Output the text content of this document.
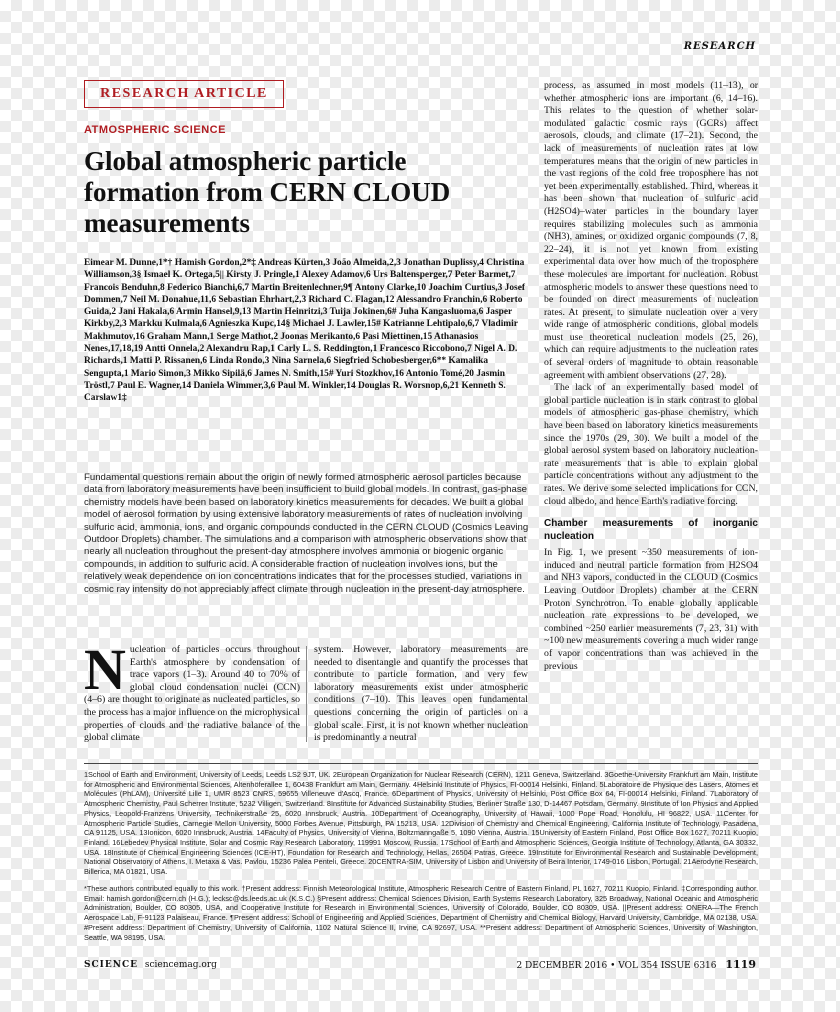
RESEARCH
RESEARCH ARTICLE
ATMOSPHERIC SCIENCE
Global atmospheric particle formation from CERN CLOUD measurements

Eimear M. Dunne,1*† Hamish Gordon,2*‡ Andreas Kürten,3 João Almeida,2,3 Jonathan Duplissy,4 Christina Williamson,3§ Ismael K. Ortega,5|| Kirsty J. Pringle,1 Alexey Adamov,6 Urs Baltensperger,7 Peter Barmet,7 Francois Benduhn,8 Federico Bianchi,6,7 Martin Breitenlechner,9¶ Antony Clarke,10 Joachim Curtius,3 Josef Dommen,7 Neil M. Donahue,11,6 Sebastian Ehrhart,2,3 Richard C. Flagan,12 Alessandro Franchin,6 Roberto Guida,2 Jani Hakala,6 Armin Hansel,9,13 Martin Heinritzi,3 Tuija Jokinen,6# Juha Kangasluoma,6 Jasper Kirkby,2,3 Markku Kulmala,6 Agnieszka Kupc,14§ Michael J. Lawler,15# Katrianne Lehtipalo,6,7 Vladimir Makhmutov,16 Graham Mann,1 Serge Mathot,2 Joonas Merikanto,6 Pasi Miettinen,15 Athanasios Nenes,17,18,19 Antti Onnela,2 Alexandru Rap,1 Carly L. S. Reddington,1 Francesco Riccobono,7 Nigel A. D. Richards,1 Matti P. Rissanen,6 Linda Rondo,3 Nina Sarnela,6 Siegfried Schobesberger,6** Kamalika Sengupta,1 Mario Simon,3 Mikko Sipilä,6 James N. Smith,15# Yuri Stozkhov,16 Antonio Tomé,20 Jasmin Tröstl,7 Paul E. Wagner,14 Daniela Wimmer,3,6 Paul M. Winkler,14 Douglas R. Worsnop,6,21 Kenneth S. Carslaw1‡

Fundamental questions remain about the origin of newly formed atmospheric aerosol particles because data from laboratory measurements have been insufficient to build global models. In contrast, gas-phase chemistry models have been based on laboratory kinetics measurements for decades. We built a global model of aerosol formation by using extensive laboratory measurements of rates of nucleation involving sulfuric acid, ammonia, ions, and organic compounds conducted in the CERN CLOUD (Cosmics Leaving Outdoor Droplets) chamber. The simulations and a comparison with atmospheric observations show that nearly all nucleation throughout the present-day atmosphere involves ammonia or biogenic organic compounds, in addition to sulfuric acid. A considerable fraction of nucleation involves ions, but the relatively weak dependence on ion concentrations indicates that for the processes studied, variations in cosmic ray intensity do not appreciably affect climate through nucleation in the present-day atmosphere.

Nucleation of particles occurs throughout Earth's atmosphere by condensation of trace vapors (1–3). Around 40 to 70% of global cloud condensation nuclei (CCN) (4–6) are thought to originate as nucleated particles, so the process has a major influence on the microphysical properties of clouds and the radiative balance of the global climate

system. However, laboratory measurements are needed to disentangle and quantify the processes that contribute to particle formation, and very few laboratory measurements exist under atmospheric conditions (7–10). This leaves open fundamental questions concerning the origin of particles on a global scale. First, it is not known whether nucleation is predominantly a neutral

process, as assumed in most models (11–13), or whether atmospheric ions are important (6, 14–16). This relates to the question of whether solar-modulated galactic cosmic rays (GCRs) affect aerosols, clouds, and climate (17–21). Second, the lack of measurements of nucleation rates at low temperatures means that the origin of new particles in the vast regions of the cold free troposphere has not yet been experimentally established. Third, whereas it has been shown that nucleation of sulfuric acid (H2SO4)–water particles in the boundary layer requires stabilizing molecules such as ammonia (NH3), amines, or oxidized organic compounds (7, 8, 22–24), it is not yet known from existing experimental data over how much of the troposphere these molecules are important for nucleation. Robust atmospheric models to answer these questions need to be founded on direct measurements of nucleation rates. At present, to simulate nucleation over a very wide range of atmospheric conditions, global models must use theoretical nucleation models (25, 26), which can require adjustments to the nucleation rates of several orders of magnitude to obtain reasonable agreement with ambient observations (27, 28).

The lack of an experimentally based model of global particle nucleation is in stark contrast to global models of atmospheric gas-phase chemistry, which have been based on laboratory kinetics measurements since the 1970s (29, 30). We built a model of the global aerosol system based on laboratory nucleation-rate measurements that is able to explain global particle concentrations without any adjustment to the rates. We derive some selected implications for CCN, cloud albedo, and hence Earth's radiative forcing.

Chamber measurements of inorganic nucleation

In Fig. 1, we present ~350 measurements of ion-induced and neutral particle formation from H2SO4 and NH3 vapors, conducted in the CLOUD (Cosmics Leaving Outdoor Droplets) chamber at the CERN Proton Synchrotron. To enable globally applicable nucleation rate expressions to be developed, we combined ~250 earlier measurements (7, 23, 31) with ~100 new measurements covering a much wider range of vapor concentrations than was achieved in the previous

1School of Earth and Environment, University of Leeds, Leeds LS2 9JT, UK. 2European Organization for Nuclear Research (CERN), 1211 Geneva, Switzerland. 3Goethe-University Frankfurt am Main, Institute for Atmospheric and Environmental Sciences, Altenhöferallee 1, 60438 Frankfurt am Main, Germany. 4Helsinki Institute of Physics, FI-00014 Helsinki, Finland. 5Laboratoire de Physique des Lasers, Atomes et Molécules (PhLAM), Université Lille 1, UMR 8523 CNRS, 59655 Villeneuve d'Ascq, France. 6Department of Physics, University of Helsinki, Post Office Box 64, FI-00014 Helsinki, Finland. 7Laboratory of Atmospheric Chemistry, Paul Scherrer Institute, 5232 Villigen, Switzerland. 8Institute for Advanced Sustainability Studies, Berliner Straße 130, D-14467 Potsdam, Germany. 9Institute of Ion Physics and Applied Physics, Leopold-Franzens University, Technikerstraße 25, 6020 Innsbruck, Austria. 10Department of Oceanography, University of Hawaii, 1000 Pope Road, Honolulu, HI 96822, USA. 11Center for Atmospheric Particle Studies, Carnegie Mellon University, 5000 Forbes Avenue, Pittsburgh, PA 15213, USA. 12Division of Chemistry and Chemical Engineering, California Institute of Technology, Pasadena, CA 91125, USA. 13Ionicon, 6020 Innsbruck, Austria. 14Faculty of Physics, University of Vienna, Boltzmanngaße 5, 1090 Vienna, Austria. 15University of Eastern Finland, Post Office Box 1627, 70211 Kuopio, Finland. 16Lebedev Physical Institute, Solar and Cosmic Ray Research Laboratory, 119991 Moscow, Russia. 17School of Earth and Atmospheric Sciences, Georgia Institute of Technology, Atlanta, GA 30332, USA. 18Institute of Chemical Engineering Sciences (ICE-HT), Foundation for Research and Technology, Hellas, 26504 Patras, Greece. 19Institute for Environmental Research and Sustainable Development, National Observatory of Athens, I. Metaxa & Vas. Pavlou, 15236 Palea Penteli, Greece. 20CENTRA-SIM, University of Lisbon and University of Beira Interior, 1749-016 Lisbon, Portugal. 21Aerodyne Research, Billerica, MA 01821, USA.

*These authors contributed equally to this work. †Present address: Finnish Meteorological Institute, Atmospheric Research Centre of Eastern Finland, PL 1627, 70211 Kuopio, Finland. ‡Corresponding author. Email: hamish.gordon@cern.ch (H.G.); lecksc@ds.leeds.ac.uk (K.S.C.) §Present address: Chemical Sciences Division, Earth Systems Research Laboratory, 325 Broadway, National Oceanic and Atmospheric Administration, Boulder, CO 80305, USA, and Cooperative Institute for Research in Environmental Sciences, University of Colorado, Boulder, CO 80309, USA. ||Present address: ONERA—The French Aerospace Lab, F-91123 Palaiseau, France. ¶Present address: School of Engineering and Applied Sciences, Department of Chemistry and Chemical Biology, Harvard University, Cambridge, MA 02138, USA. #Present address: Department of Chemistry, University of California, 1102 Natural Science II, Irvine, CA 92697, USA. **Present address: Department of Atmospheric Sciences, University of Washington, Seattle, WA 98195, USA.

SCIENCE sciencemag.org	2 DECEMBER 2016 • VOL 354 ISSUE 6316 1119
